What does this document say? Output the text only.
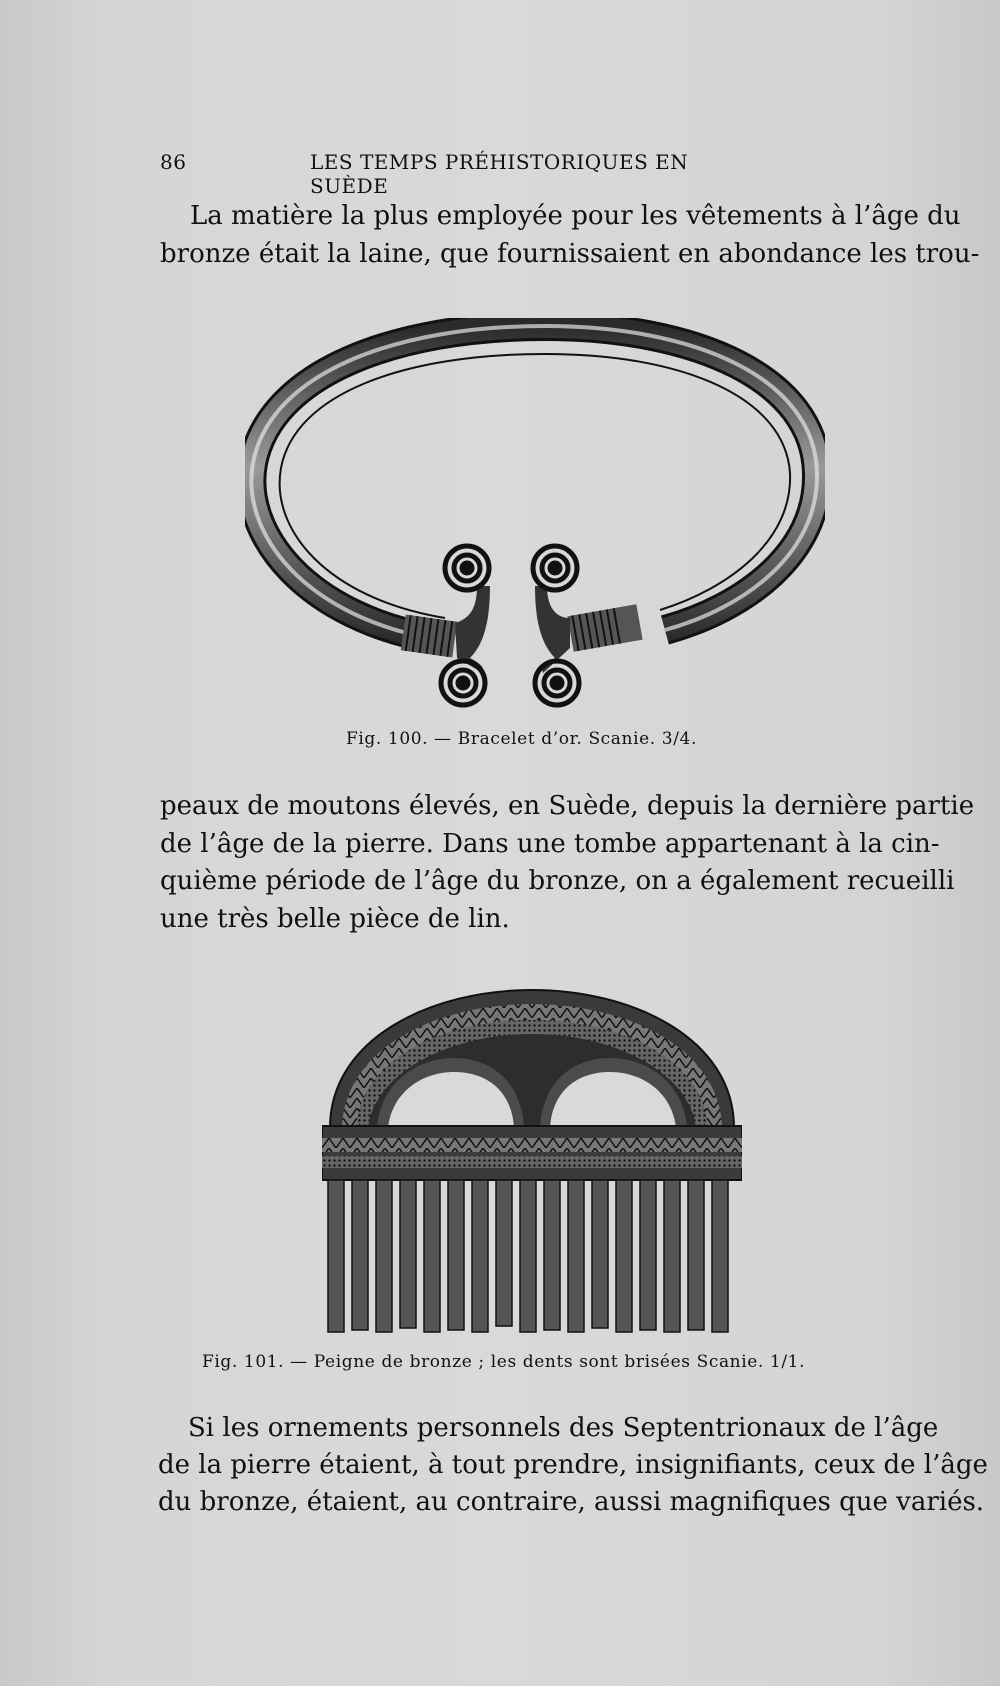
86	LES TEMPS PRÉHISTORIQUES EN SUÈDE
La matière la plus employée pour les vêtements à l’âge du
bronze était la laine, que fournissaient en abondance les trou-
Fig. 100. — Bracelet d’or. Scanie. 3/4.
peaux de moutons élevés, en Suède, depuis la dernière partie
de l’âge de la pierre. Dans une tombe appartenant à la cin-
quième période de l’âge du bronze, on a également recueilli
une très belle pièce de lin.
Fig. 101. — Peigne de bronze ; les dents sont brisées Scanie. 1/1.
Si les ornements personnels des Septentrionaux de l’âge
de la pierre étaient, à tout prendre, insignifiants, ceux de l’âge
du bronze, étaient, au contraire, aussi magnifiques que variés.
